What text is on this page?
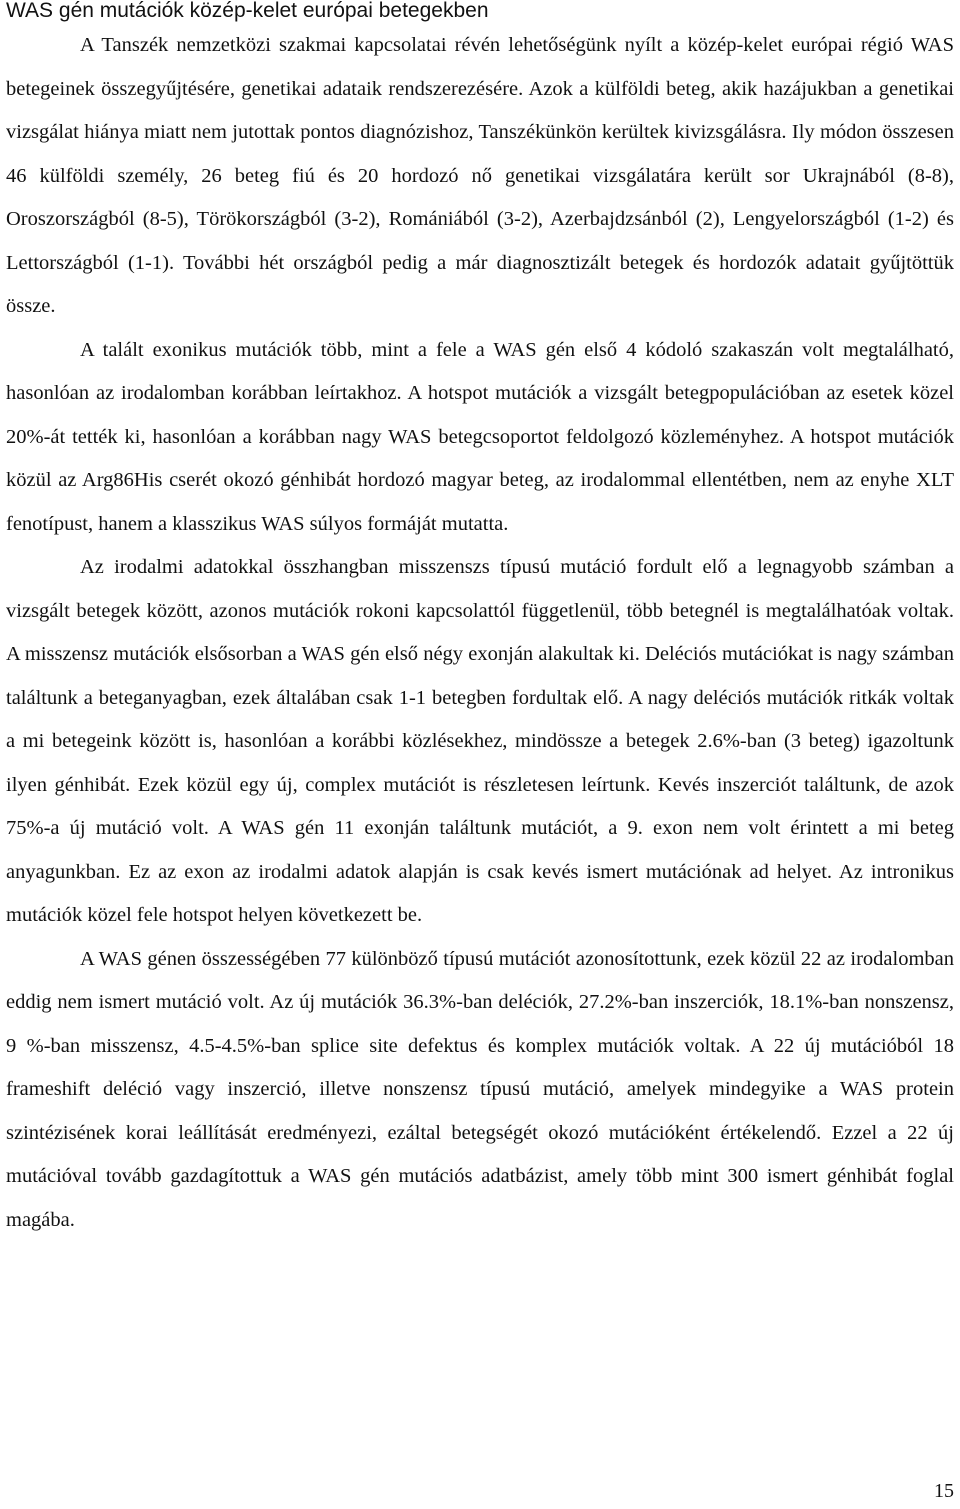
WAS gén mutációk közép-kelet európai betegekben

A Tanszék nemzetközi szakmai kapcsolatai révén lehetőségünk nyílt a közép-kelet európai régió WAS betegeinek összegyűjtésére, genetikai adataik rendszerezésére. Azok a külföldi beteg, akik hazájukban a genetikai vizsgálat hiánya miatt nem jutottak pontos diagnózishoz, Tanszékünkön kerültek kivizsgálásra. Ily módon összesen 46 külföldi személy, 26 beteg fiú és 20 hordozó nő genetikai vizsgálatára került sor Ukrajnából (8-8), Oroszországból (8-5), Törökországból (3-2), Romániából (3-2), Azerbajdzsánból (2), Lengyelországból (1-2) és Lettországból (1-1). További hét országból pedig a már diagnosztizált betegek és hordozók adatait gyűjtöttük össze.

A talált exonikus mutációk több, mint a fele a WAS gén első 4 kódoló szakaszán volt megtalálható, hasonlóan az irodalomban korábban leírtakhoz. A hotspot mutációk a vizsgált betegpopulációban az esetek közel 20%-át tették ki, hasonlóan a korábban nagy WAS betegcsoportot feldolgozó közleményhez. A hotspot mutációk közül az Arg86His cserét okozó génhibát hordozó magyar beteg, az irodalommal ellentétben, nem az enyhe XLT fenotípust, hanem a klasszikus WAS súlyos formáját mutatta.

Az irodalmi adatokkal összhangban misszenszs típusú mutáció fordult elő a legnagyobb számban a vizsgált betegek között, azonos mutációk rokoni kapcsolattól függetlenül, több betegnél is megtalálhatóak voltak. A misszensz mutációk elsősorban a WAS gén első négy exonján alakultak ki. Deléciós mutációkat is nagy számban találtunk a beteganyagban, ezek általában csak 1-1 betegben fordultak elő. A nagy deléciós mutációk ritkák voltak a mi betegeink között is, hasonlóan a korábbi közlésekhez, mindössze a betegek 2.6%-ban (3 beteg) igazoltunk ilyen génhibát. Ezek közül egy új, complex mutációt is részletesen leírtunk. Kevés inszerciót találtunk, de azok 75%-a új mutáció volt. A WAS gén 11 exonján találtunk mutációt, a 9. exon nem volt érintett a mi beteg anyagunkban. Ez az exon az irodalmi adatok alapján is csak kevés ismert mutációnak ad helyet. Az intronikus mutációk közel fele hotspot helyen következett be.

A WAS génen összességében 77 különböző típusú mutációt azonosítottunk, ezek közül 22 az irodalomban eddig nem ismert mutáció volt. Az új mutációk 36.3%-ban deléciók, 27.2%-ban inszerciók, 18.1%-ban nonszensz, 9 %-ban misszensz, 4.5-4.5%-ban splice site defektus és komplex mutációk voltak. A 22 új mutációból 18 frameshift deléció vagy inszerció, illetve nonszensz típusú mutáció, amelyek mindegyike a WAS protein szintézisének korai leállítását eredményezi, ezáltal betegségét okozó mutációként értékelendő. Ezzel a 22 új mutációval tovább gazdagítottuk a WAS gén mutációs adatbázist, amely több mint 300 ismert génhibát foglal magába.

15
